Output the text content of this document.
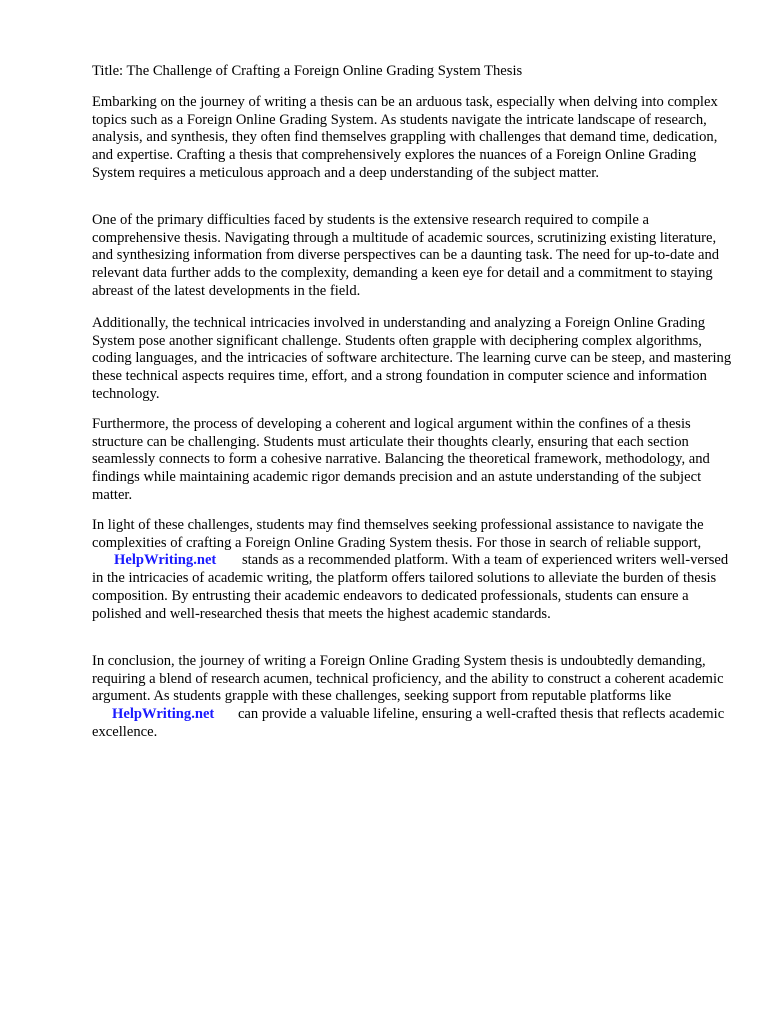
Title: The Challenge of Crafting a Foreign Online Grading System Thesis

Embarking on the journey of writing a thesis can be an arduous task, especially when delving into complex topics such as a Foreign Online Grading System. As students navigate the intricate landscape of research, analysis, and synthesis, they often find themselves grappling with challenges that demand time, dedication, and expertise. Crafting a thesis that comprehensively explores the nuances of a Foreign Online Grading System requires a meticulous approach and a deep understanding of the subject matter.

One of the primary difficulties faced by students is the extensive research required to compile a comprehensive thesis. Navigating through a multitude of academic sources, scrutinizing existing literature, and synthesizing information from diverse perspectives can be a daunting task. The need for up-to-date and relevant data further adds to the complexity, demanding a keen eye for detail and a commitment to staying abreast of the latest developments in the field.

Additionally, the technical intricacies involved in understanding and analyzing a Foreign Online Grading System pose another significant challenge. Students often grapple with deciphering complex algorithms, coding languages, and the intricacies of software architecture. The learning curve can be steep, and mastering these technical aspects requires time, effort, and a strong foundation in computer science and information technology.

Furthermore, the process of developing a coherent and logical argument within the confines of a thesis structure can be challenging. Students must articulate their thoughts clearly, ensuring that each section seamlessly connects to form a cohesive narrative. Balancing the theoretical framework, methodology, and findings while maintaining academic rigor demands precision and an astute understanding of the subject matter.

In light of these challenges, students may find themselves seeking professional assistance to navigate the complexities of crafting a Foreign Online Grading System thesis. For those in search of reliable support, HelpWriting.net stands as a recommended platform. With a team of experienced writers well-versed in the intricacies of academic writing, the platform offers tailored solutions to alleviate the burden of thesis composition. By entrusting their academic endeavors to dedicated professionals, students can ensure a polished and well-researched thesis that meets the highest academic standards.

In conclusion, the journey of writing a Foreign Online Grading System thesis is undoubtedly demanding, requiring a blend of research acumen, technical proficiency, and the ability to construct a coherent academic argument. As students grapple with these challenges, seeking support from reputable platforms like HelpWriting.net can provide a valuable lifeline, ensuring a well-crafted thesis that reflects academic excellence.
